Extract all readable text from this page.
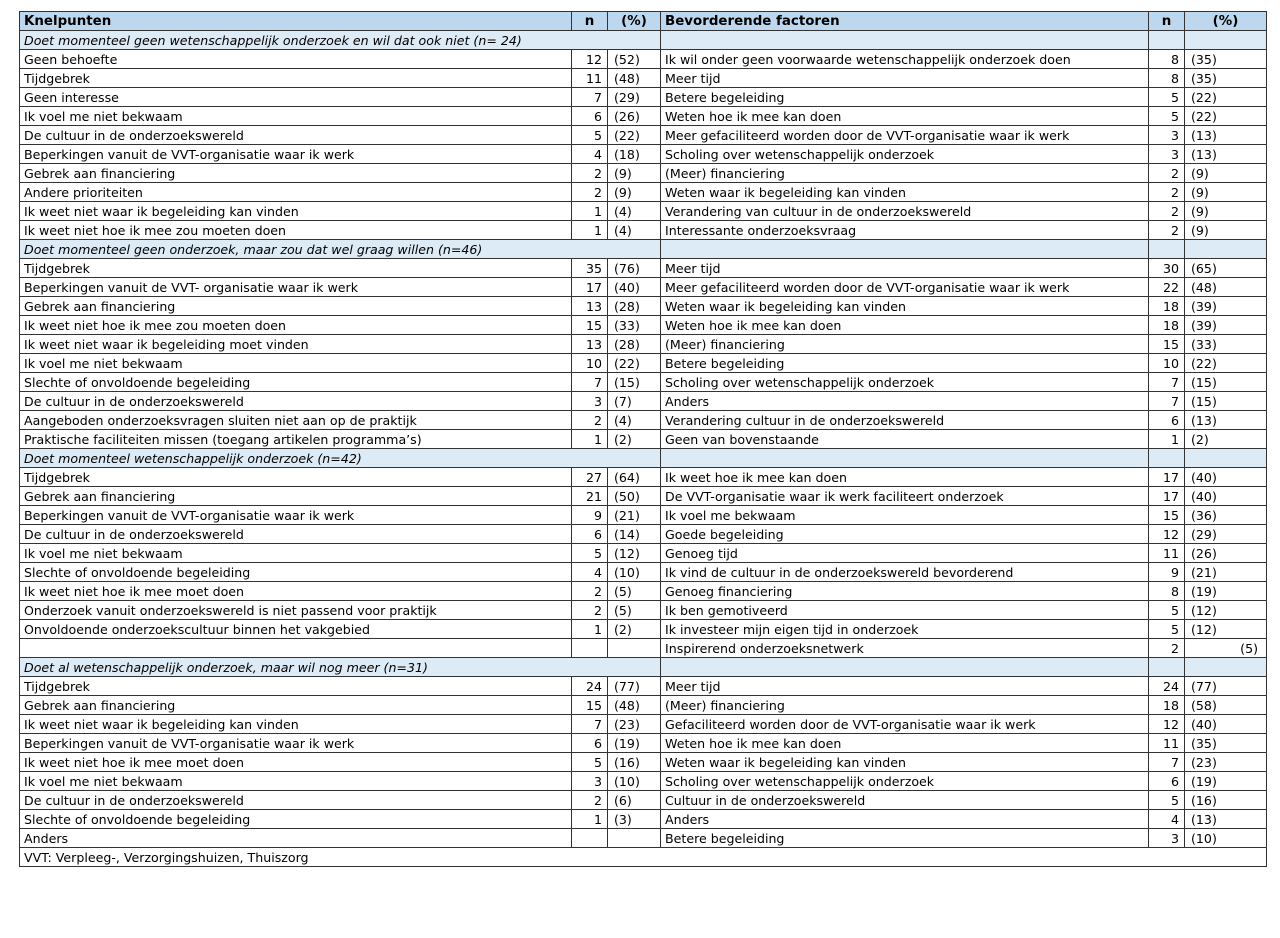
Knelpunten	n	(%)	Bevorderende factoren	n	(%)
Doet momenteel geen wetenschappelijk onderzoek en wil dat ook niet (n= 24)					
Geen behoefte	12	(52)	Ik wil onder geen voorwaarde wetenschappelijk onderzoek doen	8	(35)
Tijdgebrek	11	(48)	Meer tijd	8	(35)
Geen interesse	7	(29)	Betere begeleiding	5	(22)
Ik voel me niet bekwaam	6	(26)	Weten hoe ik mee kan doen	5	(22)
De cultuur in de onderzoekswereld	5	(22)	Meer gefaciliteerd worden door de VVT-organisatie waar ik werk	3	(13)
Beperkingen vanuit de VVT-organisatie waar ik werk	4	(18)	Scholing over wetenschappelijk onderzoek	3	(13)
Gebrek aan financiering	2	(9)	(Meer) financiering	2	(9)
Andere prioriteiten	2	(9)	Weten waar ik begeleiding kan vinden	2	(9)
Ik weet niet waar ik begeleiding kan vinden	1	(4)	Verandering van cultuur in de onderzoekswereld	2	(9)
Ik weet niet hoe ik mee zou moeten doen	1	(4)	Interessante onderzoeksvraag	2	(9)
Doet momenteel geen onderzoek, maar zou dat wel graag willen (n=46)					
Tijdgebrek	35	(76)	Meer tijd	30	(65)
Beperkingen vanuit de VVT- organisatie waar ik werk	17	(40)	Meer gefaciliteerd worden door de VVT-organisatie waar ik werk	22	(48)
Gebrek aan financiering	13	(28)	Weten waar ik begeleiding kan vinden	18	(39)
Ik weet niet hoe ik mee zou moeten doen	15	(33)	Weten hoe ik mee kan doen	18	(39)
Ik weet niet waar ik begeleiding moet vinden	13	(28)	(Meer) financiering	15	(33)
Ik voel me niet bekwaam	10	(22)	Betere begeleiding	10	(22)
Slechte of onvoldoende begeleiding	7	(15)	Scholing over wetenschappelijk onderzoek	7	(15)
De cultuur in de onderzoekswereld	3	(7)	Anders	7	(15)
Aangeboden onderzoeksvragen sluiten niet aan op de praktijk	2	(4)	Verandering cultuur in de onderzoekswereld	6	(13)
Praktische faciliteiten missen (toegang artikelen programma’s)	1	(2)	Geen van bovenstaande	1	(2)
Doet momenteel wetenschappelijk onderzoek (n=42)					
Tijdgebrek	27	(64)	Ik weet hoe ik mee kan doen	17	(40)
Gebrek aan financiering	21	(50)	De VVT-organisatie waar ik werk faciliteert onderzoek	17	(40)
Beperkingen vanuit de VVT-organisatie waar ik werk	9	(21)	Ik voel me bekwaam	15	(36)
De cultuur in de onderzoekswereld	6	(14)	Goede begeleiding	12	(29)
Ik voel me niet bekwaam	5	(12)	Genoeg tijd	11	(26)
Slechte of onvoldoende begeleiding	4	(10)	Ik vind de cultuur in de onderzoekswereld bevorderend	9	(21)
Ik weet niet hoe ik mee moet doen	2	(5)	Genoeg financiering	8	(19)
Onderzoek vanuit onderzoekswereld is niet passend voor praktijk	2	(5)	Ik ben gemotiveerd	5	(12)
Onvoldoende onderzoekscultuur binnen het vakgebied	1	(2)	Ik investeer mijn eigen tijd in onderzoek	5	(12)
			Inspirerend onderzoeksnetwerk	2	(5)
Doet al wetenschappelijk onderzoek, maar wil nog meer (n=31)					
Tijdgebrek	24	(77)	Meer tijd	24	(77)
Gebrek aan financiering	15	(48)	(Meer) financiering	18	(58)
Ik weet niet waar ik begeleiding kan vinden	7	(23)	Gefaciliteerd worden door de VVT-organisatie waar ik werk	12	(40)
Beperkingen vanuit de VVT-organisatie waar ik werk	6	(19)	Weten hoe ik mee kan doen	11	(35)
Ik weet niet hoe ik mee moet doen	5	(16)	Weten waar ik begeleiding kan vinden	7	(23)
Ik voel me niet bekwaam	3	(10)	Scholing over wetenschappelijk onderzoek	6	(19)
De cultuur in de onderzoekswereld	2	(6)	Cultuur in de onderzoekswereld	5	(16)
Slechte of onvoldoende begeleiding	1	(3)	Anders	4	(13)
Anders			Betere begeleiding	3	(10)
VVT: Verpleeg-, Verzorgingshuizen, Thuiszorg					
